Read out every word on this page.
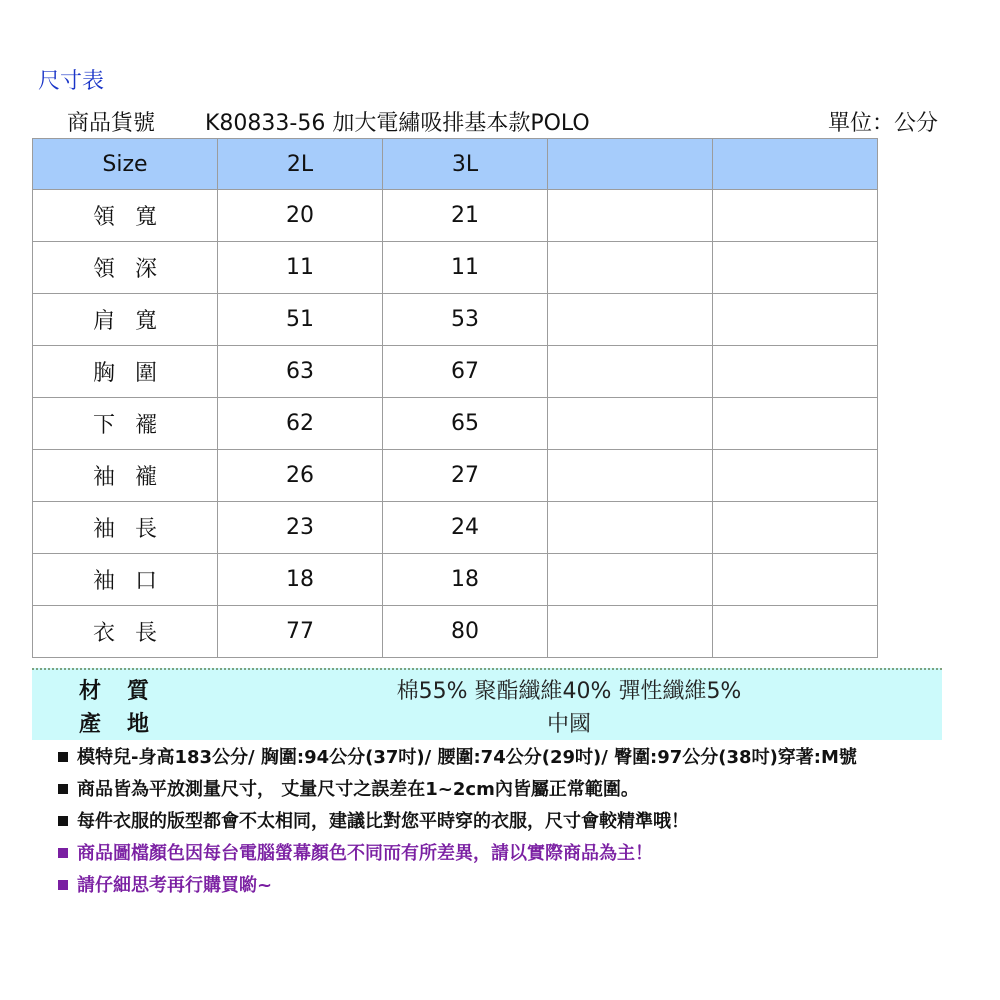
尺寸表
商品貨號 K80833-56 加大電繡吸排基本款POLO	單位：公分
Size	2L	3L		
領寬	20	21		
領深	11	11		
肩寬	51	53		
胸圍	63	67		
下襬	62	65		
袖襱	26	27		
袖長	23	24		
袖口	18	18		
衣長	77	80		
材質	棉55% 聚酯纖維40% 彈性纖維5%
產地	中國
模特兒-身高183公分/ 胸圍:94公分(37吋)/ 腰圍:74公分(29吋)/ 臀圍:97公分(38吋)穿著:M號
商品皆為平放測量尺寸， 丈量尺寸之誤差在1~2cm內皆屬正常範圍。
每件衣服的版型都會不太相同，建議比對您平時穿的衣服，尺寸會較精準哦！
商品圖檔顏色因每台電腦螢幕顏色不同而有所差異，請以實際商品為主！
請仔細思考再行購買喲~
